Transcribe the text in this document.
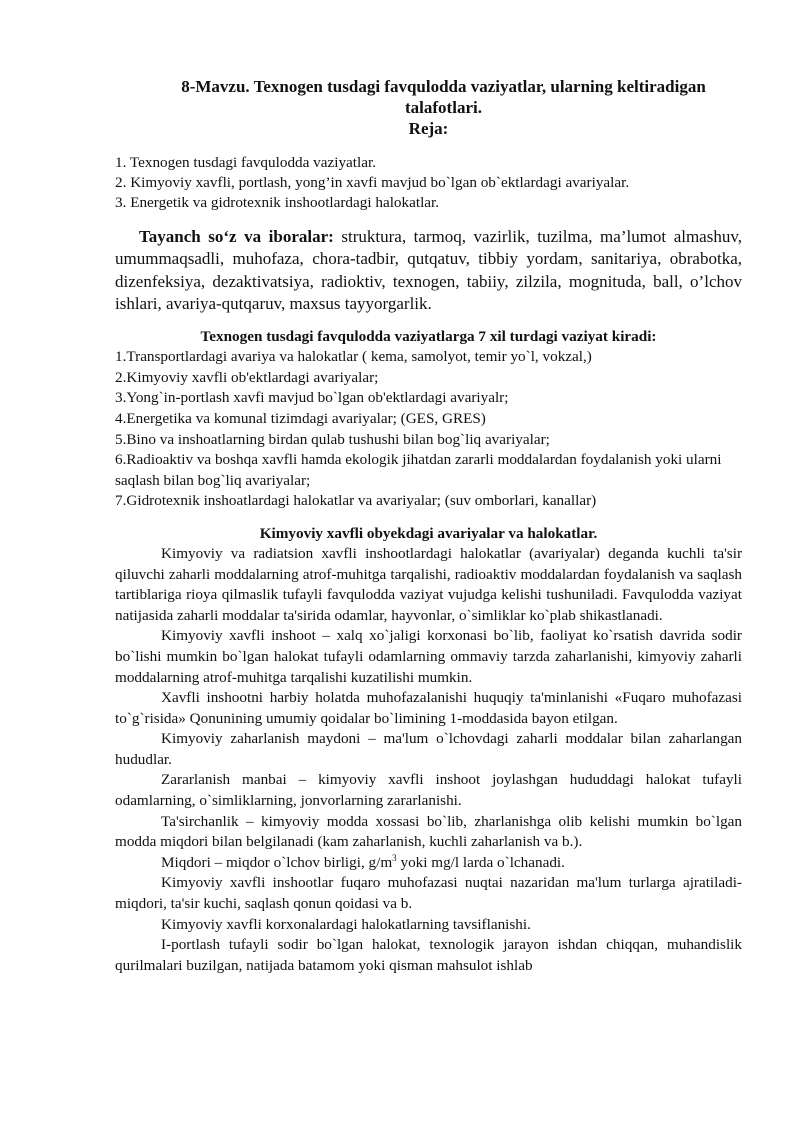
8-Mavzu. Texnogen tusdagi favqulodda vaziyatlar, ularning keltiradigan talafotlari.

Reja:

1. Texnogen tusdagi favqulodda vaziyatlar.
2. Kimyoviy xavfli, portlash, yong’in xavfi mavjud bo`lgan ob`ektlardagi avariyalar.
3. Energetik va gidrotexnik inshootlardagi halokatlar.

Tayanch so‘z va iboralar: struktura, tarmoq, vazirlik, tuzilma, ma’lumot almashuv, umummaqsadli, muhofaza, chora-tadbir, qutqatuv, tibbiy yordam, sanitariya, obrabotka, dizenfeksiya, dezaktivatsiya, radioktiv, texnogen, tabiiy, zilzila, mognituda, ball, o’lchov ishlari, avariya-qutqaruv, maxsus tayyorgarlik.

Texnogen tusdagi favqulodda vaziyatlarga 7 xil turdagi vaziyat kiradi:

1.Transportlardagi avariya va halokatlar ( kema, samolyot, temir yo`l, vokzal,)
2.Kimyoviy xavfli ob'ektlardagi avariyalar;
3.Yong`in-portlash xavfi mavjud bo`lgan ob'ektlardagi avariyalr;
4.Energetika va komunal tizimdagi avariyalar; (GES, GRES)
5.Bino va inshoatlarning birdan qulab tushushi bilan bog`liq avariyalar;
6.Radioaktiv va boshqa xavfli hamda ekologik jihatdan zararli moddalardan foydalanish yoki ularni saqlash bilan bog`liq avariyalar;
7.Gidrotexnik inshoatlardagi halokatlar va avariyalar; (suv omborlari, kanallar)

Kimyoviy xavfli obyekdagi avariyalar va halokatlar.

Kimyoviy va radiatsion xavfli inshootlardagi halokatlar (avariyalar) deganda kuchli ta'sir qiluvchi zaharli moddalarning atrof-muhitga tarqalishi, radioaktiv moddalardan foydalanish va saqlash tartiblariga rioya qilmaslik tufayli favqulodda vaziyat vujudga kelishi tushuniladi. Favqulodda vaziyat natijasida zaharli moddalar ta'sirida odamlar, hayvonlar, o`simliklar ko`plab shikastlanadi.

Kimyoviy xavfli inshoot – xalq xo`jaligi korxonasi bo`lib, faoliyat ko`rsatish davrida sodir bo`lishi mumkin bo`lgan halokat tufayli odamlarning ommaviy tarzda zaharlanishi, kimyoviy zaharli moddalarning atrof-muhitga tarqalishi kuzatilishi mumkin.

Xavfli inshootni harbiy holatda muhofazalanishi huquqiy ta'minlanishi «Fuqaro muhofazasi to`g`risida» Qonunining umumiy qoidalar bo`limining 1-moddasida bayon etilgan.

Kimyoviy zaharlanish maydoni – ma'lum o`lchovdagi zaharli moddalar bilan zaharlangan hududlar.

Zararlanish manbai – kimyoviy xavfli inshoot joylashgan hududdagi halokat tufayli odamlarning, o`simliklarning, jonvorlarning zararlanishi.

Ta'sirchanlik – kimyoviy modda xossasi bo`lib, zharlanishga olib kelishi mumkin bo`lgan modda miqdori bilan belgilanadi (kam zaharlanish, kuchli zaharlanish va b.).

Miqdori – miqdor o`lchov birligi, $g/m^3$ yoki mg/l larda o`lchanadi.

Kimyoviy xavfli inshootlar fuqaro muhofazasi nuqtai nazaridan ma'lum turlarga ajratiladi-miqdori, ta'sir kuchi, saqlash qonun qoidasi va b.

Kimyoviy xavfli korxonalardagi halokatlarning tavsiflanishi.

I-portlash tufayli sodir bo`lgan halokat, texnologik jarayon ishdan chiqqan, muhandislik qurilmalari buzilgan, natijada batamom yoki qisman mahsulot ishlab
